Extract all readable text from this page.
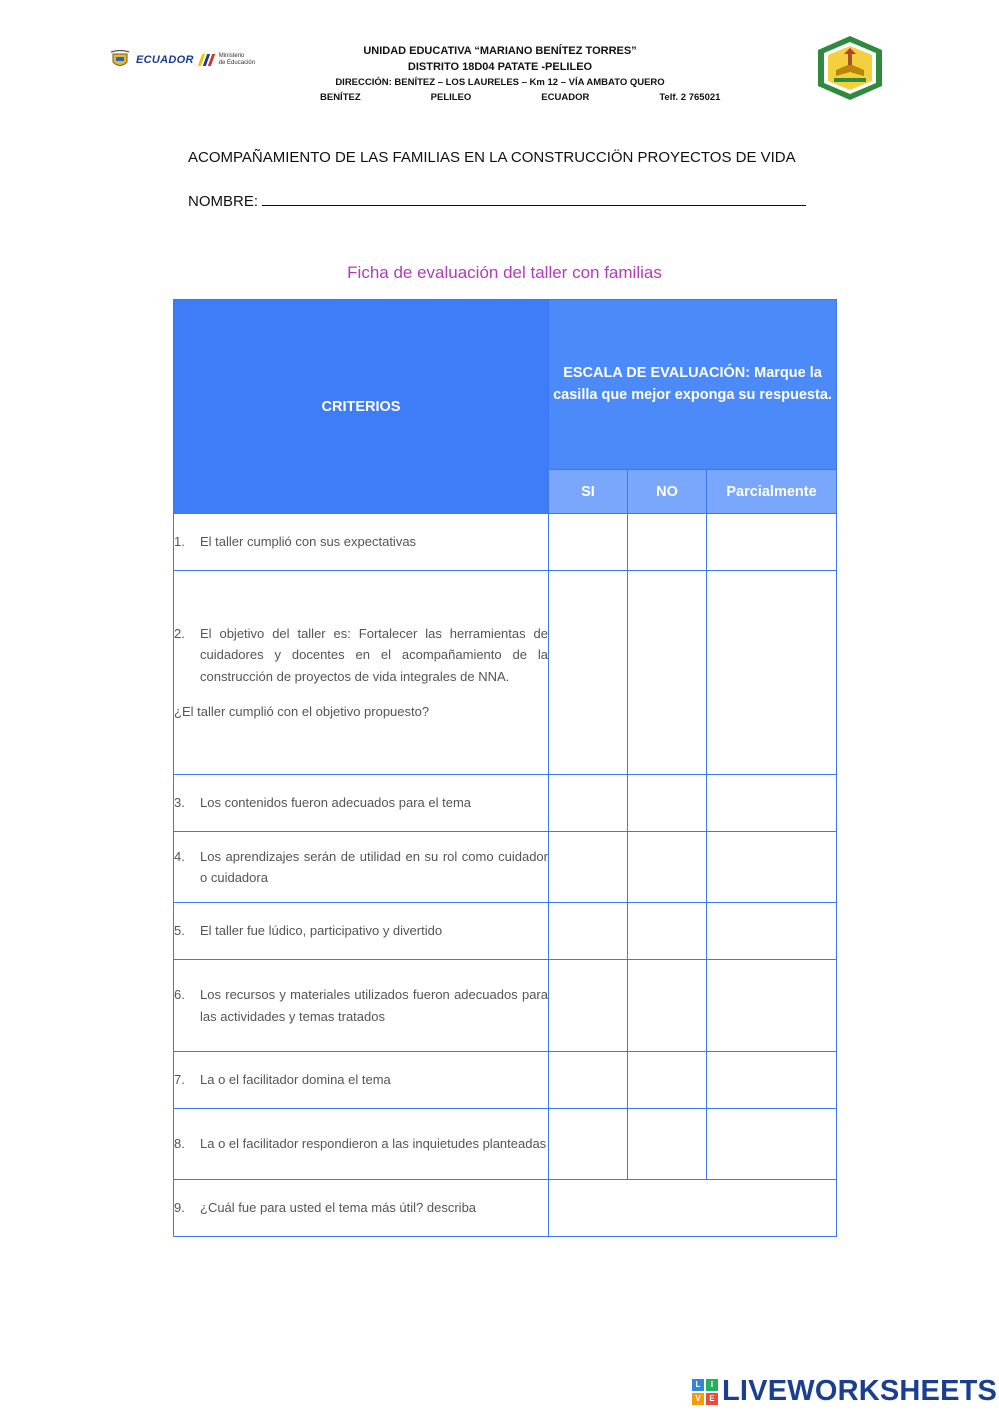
ECUADOR	Ministerio
de Educación
UNIDAD EDUCATIVA “MARIANO BENÍTEZ TORRES”
DISTRITO 18D04 PATATE -PELILEO
DIRECCIÓN: BENÍTEZ – LOS LAUREL​ES – Km 12 – VÍA AMBATO QUERO
BENÍTEZ	PELILEO	ECUADOR	Telf. 2 765021
ACOMPAÑAMIENTO DE LAS FAMILIAS EN LA CONSTRUCCIÖN PROYECTOS DE VIDA
NOMBRE:
Ficha de evaluación del taller con familias
CRITERIOS	ESCALA DE EVALUACIÓN: Marque la casilla que mejor exponga su respuesta.		
	SI	NO	Parcialmente

1. El taller cumplió con sus expectativas			

2. El objetivo del taller es: Fortalecer las herramientas de cuidadores y docentes en el acompañamiento de la construcción de proyectos de vida integrales de NNA.
¿El taller cumplió con el objetivo propuesto?			

3. Los contenidos fueron adecuados para el tema			

4. Los aprendizajes serán de utilidad en su rol como cuidador o cuidadora			

5. El taller fue lúdico, participativo y divertido			

6. Los recursos y materiales utilizados fueron adecuados para las actividades y temas tratados			

7. La o el facilitador domina el tema			

8. La o el facilitador respondieron a las inquietudes planteadas			

9. ¿Cuál fue para usted el tema más útil? describa			

L	I
V	E LIVEWORKSHEETS
